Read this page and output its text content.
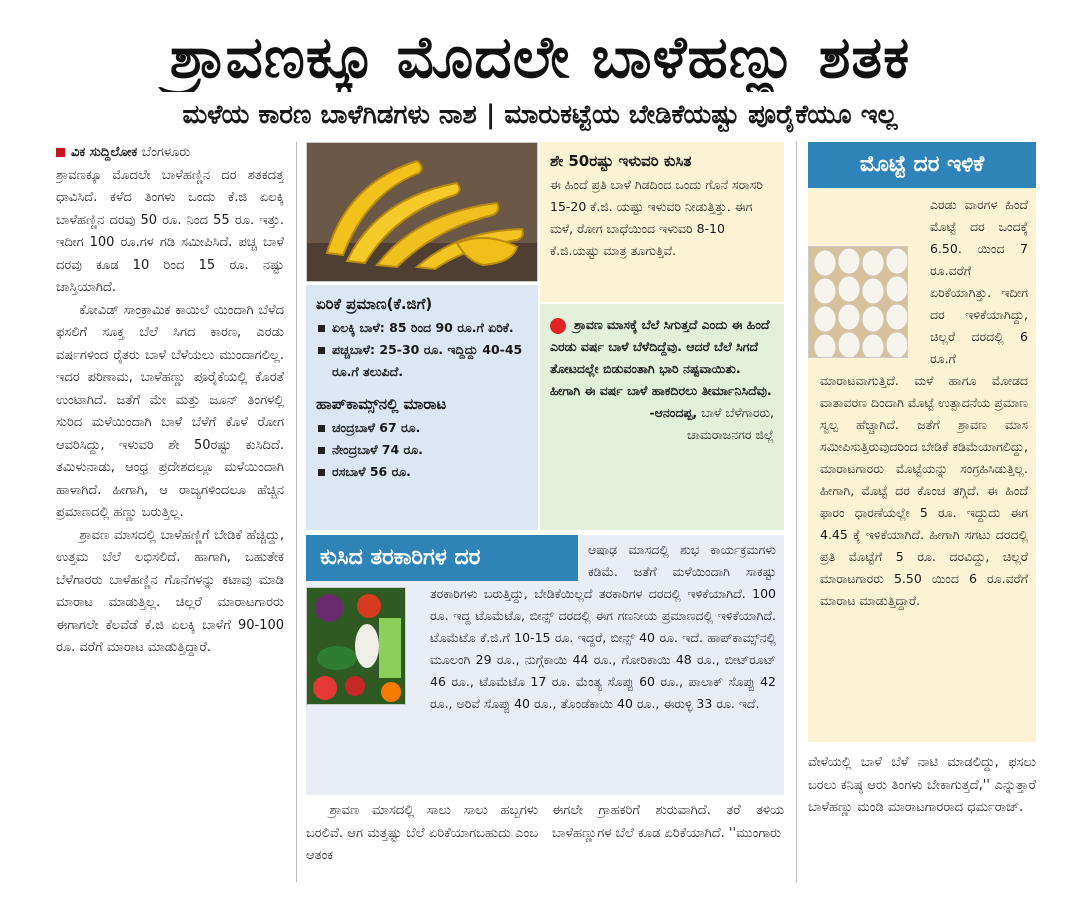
ಶ್ರಾವಣಕ್ಕೂ ಮೊದಲೇ ಬಾಳೆಹಣ್ಣು ಶತಕ
ಮಳೆಯ ಕಾರಣ ಬಾಳೆಗಿಡಗಳು ನಾಶ | ಮಾರುಕಟ್ಟೆಯ ಬೇಡಿಕೆಯಷ್ಟು ಪೂರೈಕೆಯೂ ಇಲ್ಲ
ವಿಕ ಸುದ್ದಿಲೋಕ ಬೆಂಗಳೂರು

ಶ್ರಾವಣಕ್ಕೂ ಮೊದಲೇ ಬಾಳೆಹಣ್ಣಿನ ದರ ಶತಕದತ್ತ ಧಾವಿಸಿದೆ. ಕಳೆದ ತಿಂಗಳು ಒಂದು ಕೆ.ಜಿ ಏಲಕ್ಕಿ ಬಾಳೆಹಣ್ಣಿನ ದರವು 50 ರೂ. ನಿಂದ 55 ರೂ. ಇತ್ತು. ಇದೀಗ 100 ರೂ.ಗಳ ಗಡಿ ಸಮೀಪಿಸಿದೆ. ಪಚ್ಚ ಬಾಳೆ ದರವು ಕೂಡ 10 ರಿಂದ 15 ರೂ. ನಷ್ಟು ಜಾಸ್ತಿಯಾಗಿದೆ.

ಕೋವಿಡ್ ಸಾಂಕ್ರಾಮಿಕ ಕಾಯಿಲೆ ಯಿಂದಾಗಿ ಬೆಳೆದ ಫಸಲಿಗೆ ಸೂಕ್ತ ಬೆಲೆ ಸಿಗದ ಕಾರಣ, ಎರಡು ವರ್ಷಗಳಿಂದ ರೈತರು ಬಾಳೆ ಬೆಳೆಯಲು ಮುಂದಾಗಲಿಲ್ಲ. ಇದರ ಪರಿಣಾಮ, ಬಾಳೆಹಣ್ಣು ಪೂರೈಕೆಯಲ್ಲಿ ಕೊರತೆ ಉಂಟಾಗಿದೆ. ಜತೆಗೆ ಮೇ ಮತ್ತು ಜೂನ್ ತಿಂಗಳಲ್ಲಿ ಸುರಿದ ಮಳೆಯಿಂದಾಗಿ ಬಾಳೆ ಬೆಳೆಗೆ ಕೊಳೆ ರೋಗ ಆವರಿಸಿದ್ದು, ಇಳುವರಿ ಶೇ 50ರಷ್ಟು ಕುಸಿದಿದೆ. ತಮಿಳುನಾಡು, ಆಂಧ್ರ ಪ್ರದೇಶದಲ್ಲೂ ಮಳೆಯಿಂದಾಗಿ ಹಾಳಾಗಿದೆ. ಹೀಗಾಗಿ, ಆ ರಾಜ್ಯಗಳಿಂದಲೂ ಹೆಚ್ಚಿನ ಪ್ರಮಾಣದಲ್ಲಿ ಹಣ್ಣು ಬರುತ್ತಿಲ್ಲ.

ಶ್ರಾವಣ ಮಾಸದಲ್ಲಿ ಬಾಳೆಹಣ್ಣಿಗೆ ಬೇಡಿಕೆ ಹೆಚ್ಚಿದ್ದು, ಉತ್ತಮ ಬೆಲೆ ಲಭಿಸಲಿದೆ. ಹಾಗಾಗಿ, ಬಹುತೇಕ ಬೆಳೆಗಾರರು ಬಾಳೆಹಣ್ಣಿನ ಗೊನೆಗಳನ್ನು ಕಟಾವು ಮಾಡಿ ಮಾರಾಟ ಮಾಡುತ್ತಿಲ್ಲ. ಚಿಲ್ಲರೆ ಮಾರಾಟಗಾರರು ಈಗಾಗಲೇ ಕೆಲವೆಡೆ ಕೆ.ಜಿ ಏಲಕ್ಕಿ ಬಾಳೆಗೆ 90-100 ರೂ. ವರೆಗೆ ಮಾರಾಟ ಮಾಡುತ್ತಿದ್ದಾರೆ.

ಏರಿಕೆ ಪ್ರಮಾಣ(ಕೆ.ಜಿಗೆ)
ಏಲಕ್ಕಿ ಬಾಳೆ: 85 ರಿಂದ 90 ರೂ.ಗೆ ಏರಿಕೆ.
ಪಚ್ಚಬಾಳೆ: 25-30 ರೂ. ಇದ್ದಿದ್ದು 40-45 ರೂ.ಗೆ ತಲುಪಿದೆ.
ಹಾಪ್‌ಕಾಮ್ಸ್‌ನಲ್ಲಿ ಮಾರಾಟ
ಚಂದ್ರಬಾಳೆ 67 ರೂ.
ನೇಂದ್ರಬಾಳೆ 74 ರೂ.
ರಸಬಾಳೆ 56 ರೂ.
ಶೇ 50ರಷ್ಟು ಇಳುವರಿ ಕುಸಿತ

ಈ ಹಿಂದೆ ಪ್ರತಿ ಬಾಳೆ ಗಿಡದಿಂದ ಒಂದು ಗೊನೆ ಸರಾಸರಿ 15-20 ಕೆ.ಜಿ. ಯಷ್ಟು ಇಳುವರಿ ನೀಡುತ್ತಿತ್ತು. ಈಗ ಮಳೆ, ರೋಗ ಬಾಧೆಯಿಂದ ಇಳುವರಿ 8-10 ಕೆ.ಜಿ.ಯಷ್ಟು ಮಾತ್ರ ತೂಗುತ್ತಿವೆ.

ಶ್ರಾವಣ ಮಾಸಕ್ಕೆ ಬೆಲೆ ಸಿಗುತ್ತದೆ ಎಂದು ಈ ಹಿಂದೆ ಎರಡು ವರ್ಷ ಬಾಳೆ ಬೆಳೆದಿದ್ದೆವು. ಆದರೆ ಬೆಲೆ ಸಿಗದೆ ತೋಟದಲ್ಲೇ ಬಿಡುವಂತಾಗಿ ಭಾರಿ ನಷ್ಟವಾಯಿತು. ಹೀಗಾಗಿ ಈ ವರ್ಷ ಬಾಳೆ ಹಾಕದಿರಲು ತೀರ್ಮಾನಿಸಿದೆವು.
-ಆನಂದಪ್ಪ, ಬಾಳೆ ಬೆಳೆಗಾರರು,
ಚಾಮರಾಜನಗರ ಜಿಲ್ಲೆ
ಆಷಾಢ ಮಾಸದಲ್ಲಿ ಶುಭ ಕಾರ್ಯಕ್ರಮಗಳು ಕಡಿಮೆ. ಜತೆಗೆ ಮಳೆಯಿಂದಾಗಿ ಸಾಕಷ್ಟು ತರಕಾರಿಗಳು ಬರುತ್ತಿದ್ದು, ಬೇಡಿಕೆಯಿಲ್ಲದೆ ತರಕಾರಿಗಳ ದರದಲ್ಲಿ ಇಳಿಕೆಯಾಗಿದೆ. 100 ರೂ. ಇದ್ದ ಟೊಮೆಟೊ, ಬೀನ್ಸ್ ದರದಲ್ಲಿ ಈಗ ಗಣನೀಯ ಪ್ರಮಾಣದಲ್ಲಿ ಇಳಿಕೆಯಾಗಿದೆ. ಟೊಮೆಟೊ ಕೆ.ಜಿ.ಗೆ 10-15 ರೂ. ಇದ್ದರೆ, ಬೀನ್ಸ್ 40 ರೂ. ಇದೆ. ಹಾಪ್‌ಕಾಮ್ಸ್‌ನಲ್ಲಿ ಮೂಲಂಗಿ 29 ರೂ., ನುಗ್ಗೆಕಾಯಿ 44 ರೂ., ಗೋರಿಕಾಯಿ 48 ರೂ., ಬೀಟ್‌ರೂಟ್ 46 ರೂ., ಟೊಮೆಟೊ 17 ರೂ. ಮೆಂತ್ಯ ಸೊಪ್ಪು 60 ರೂ., ಪಾಲಾಕ್ ಸೊಪ್ಪು 42 ರೂ., ಅರಿವೆ ಸೊಪ್ಪು 40 ರೂ., ತೊಂಡೆಕಾಯಿ 40 ರೂ., ಈರುಳ್ಳಿ 33 ರೂ. ಇದೆ.
ಕುಸಿದ ತರಕಾರಿಗಳ ದರ
ಮೊಟ್ಟೆ ದರ ಇಳಿಕೆ
ಎರಡು ವಾರಗಳ ಹಿಂದೆ ಮೊಟ್ಟೆ ದರ ಒಂದಕ್ಕೆ 6.50. ಯಿಂದ 7 ರೂ.ವರೆಗೆ ಏರಿಕೆಯಾಗಿತ್ತು. ಇದೀಗ ದರ ಇಳಿಕೆಯಾಗಿದ್ದು, ಚಿಲ್ಲರೆ ದರದಲ್ಲಿ 6 ರೂ.ಗೆ ಮಾರಾಟವಾಗುತ್ತಿದೆ. ಮಳೆ ಹಾಗೂ ಮೋಡದ ವಾತಾವರಣ ದಿಂದಾಗಿ ಮೊಟ್ಟೆ ಉತ್ಪಾದನೆಯ ಪ್ರಮಾಣ ಸ್ವಲ್ಪ ಹೆಚ್ಚಾಗಿದೆ. ಜತೆಗೆ ಶ್ರಾವಣ ಮಾಸ ಸಮೀಪಿಸುತ್ತಿರುವುದರಿಂದ ಬೇಡಿಕೆ ಕಡಿಮೆಯಾಗಲಿದ್ದು, ಮಾರಾಟಗಾರರು ಮೊಟ್ಟೆಯನ್ನು ಸಂಗ್ರಹಿಸಿಡುತ್ತಿಲ್ಲ. ಹೀಗಾಗಿ, ಮೊಟ್ಟೆ ದರ ಕೊಂಚ ತಗ್ಗಿದೆ. ಈ ಹಿಂದೆ ಫಾರಂ ಧಾರಣೆಯಲ್ಲೇ 5 ರೂ. ಇದ್ದುದು ಈಗ 4.45 ಕ್ಕೆ ಇಳಿಕೆಯಾಗಿದೆ. ಹೀಗಾಗಿ ಸಗಟು ದರದಲ್ಲಿ ಪ್ರತಿ ಮೊಟ್ಟೆಗೆ 5 ರೂ. ದರವಿದ್ದು, ಚಿಲ್ಲರೆ ಮಾರಾಟಗಾರರು 5.50 ಯಿಂದ 6 ರೂ.ವರೆಗೆ ಮಾರಾಟ ಮಾಡುತ್ತಿದ್ದಾರೆ.

ಶ್ರಾವಣ ಮಾಸದಲ್ಲಿ ಸಾಲು ಸಾಲು ಹಬ್ಬಗಳು ಬರಲಿವೆ. ಆಗ ಮತ್ತಷ್ಟು ಬೆಲೆ ಏರಿಕೆಯಾಗಬಹುದು ಎಂಬ ಆತಂಕ

ಈಗಲೇ ಗ್ರಾಹಕರಿಗೆ ಶುರುವಾಗಿದೆ. ತರೆ ತಳಿಯ ಬಾಳೆಹಣ್ಣುಗಳ ಬೆಲೆ ಕೂಡ ಏರಿಕೆಯಾಗಿದೆ. ''ಮುಂಗಾರು

ವೇಳೆಯಲ್ಲಿ ಬಾಳೆ ಬೆಳೆ ನಾಟಿ ಮಾಡಲಿದ್ದು, ಫಸಲು ಬರಲು ಕನಿಷ್ಠ ಆರು ತಿಂಗಳು ಬೇಕಾಗುತ್ತದೆ,'' ಎನ್ನುತ್ತಾರೆ ಬಾಳೆಹಣ್ಣು ಮಂಡಿ ಮಾರಾಟಗಾರರಾದ ಧರ್ಮರಾಜ್.
